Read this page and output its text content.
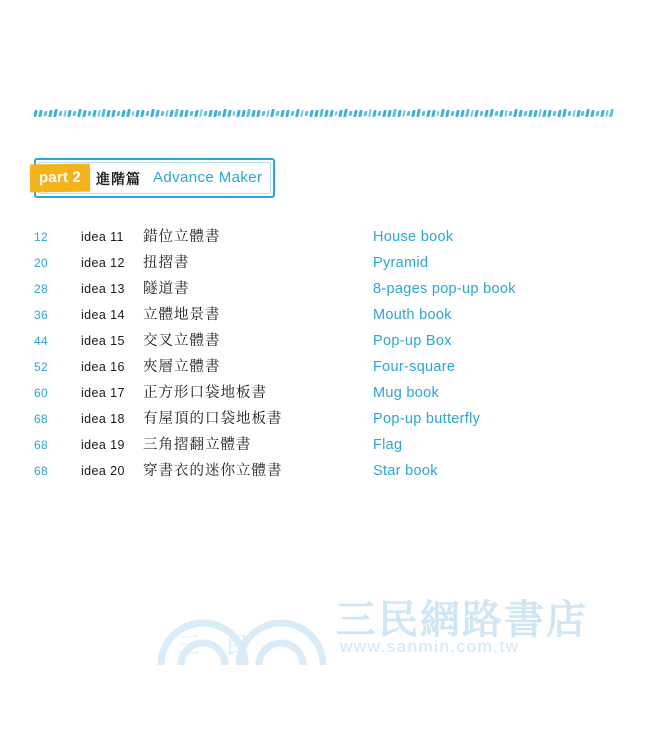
part 2	進階篇 Advance Maker
12	idea 11	錯位立體書	House book
20	idea 12	扭摺書	Pyramid
28	idea 13	隧道書	8-pages pop-up book
36	idea 14	立體地景書	Mouth book
44	idea 15	交叉立體書	Pop-up Box
52	idea 16	夾層立體書	Four-square
60	idea 17	正方形口袋地板書	Mug book
68	idea 18	有屋頂的口袋地板書	Pop-up butterfly
68	idea 19	三角摺翻立體書	Flag
68	idea 20	穿書衣的迷你立體書	Star book
三民
三民網路書店
www.sanmin.com.tw
